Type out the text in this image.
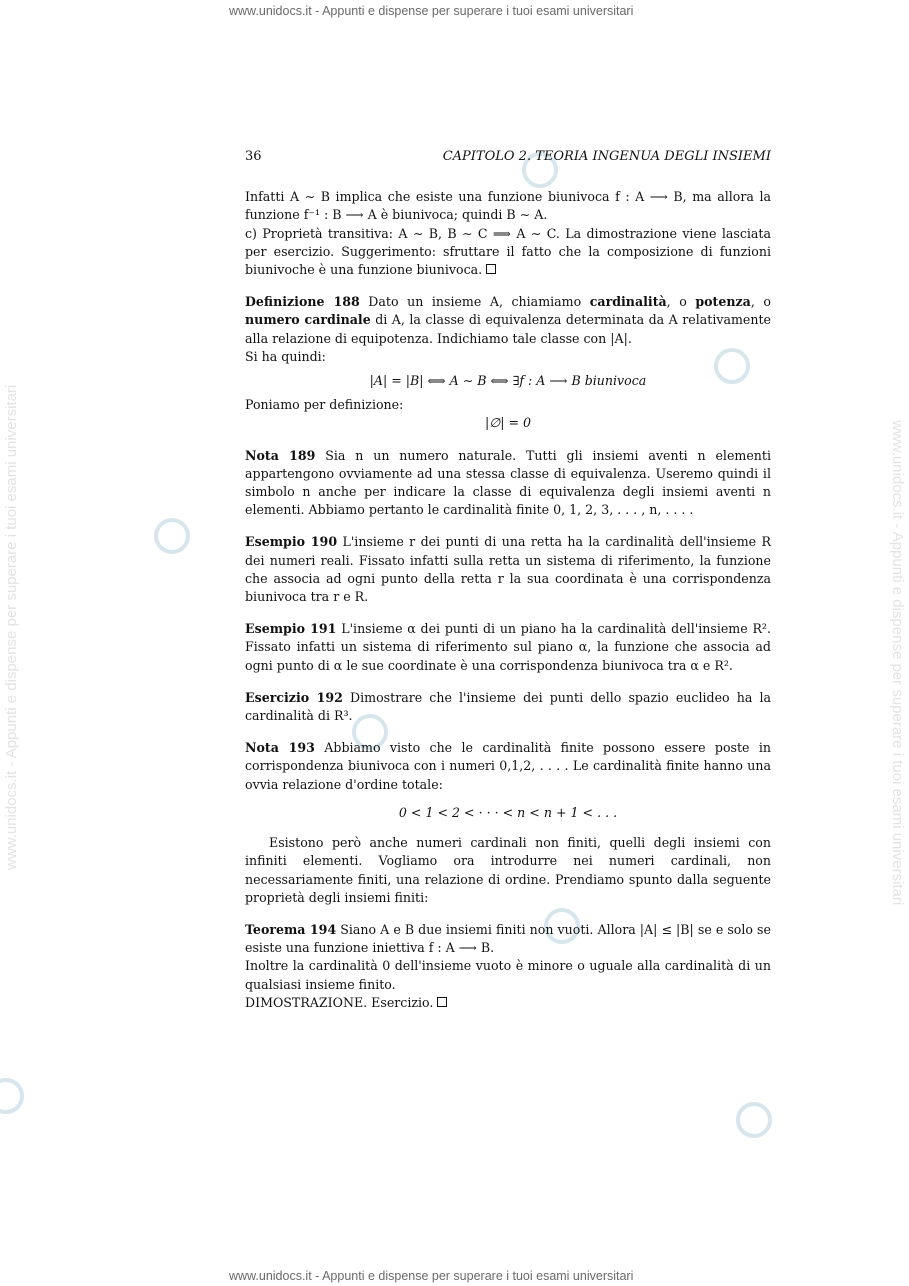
www.unidocs.it - Appunti e dispense per superare i tuoi esami universitari
www.unidocs.it - Appunti e dispense per superare i tuoi esami universitari
www.unidocs.it - Appunti e dispense per superare i tuoi esami universitari	www.unidocs.it - Appunti e dispense per superare i tuoi esami universitari
36	CAPITOLO 2. TEORIA INGENUA DEGLI INSIEMI

Infatti A ∼ B implica che esiste una funzione biunivoca f : A ⟶ B, ma allora la funzione f⁻¹ : B ⟶ A è biunivoca; quindi B ∼ A.

c) Proprietà transitiva: A ∼ B, B ∼ C ⟹ A ∼ C. La dimostrazione viene lasciata per esercizio. Suggerimento: sfruttare il fatto che la composizione di funzioni biunivoche è una funzione biunivoca.

Definizione 188 Dato un insieme A, chiamiamo cardinalità, o potenza, o numero cardinale di A, la classe di equivalenza determinata da A relativamente alla relazione di equipotenza. Indichiamo tale classe con |A|.

Si ha quindi:

|A| = |B| ⟺ A ∼ B ⟺ ∃f : A ⟶ B biunivoca

Poniamo per definizione:

|∅| = 0

Nota 189 Sia n un numero naturale. Tutti gli insiemi aventi n elementi appartengono ovviamente ad una stessa classe di equivalenza. Useremo quindi il simbolo n anche per indicare la classe di equivalenza degli insiemi aventi n elementi. Abbiamo pertanto le cardinalità finite 0, 1, 2, 3, . . . , n, . . . .

Esempio 190 L'insieme r dei punti di una retta ha la cardinalità dell'insieme R dei numeri reali. Fissato infatti sulla retta un sistema di riferimento, la funzione che associa ad ogni punto della retta r la sua coordinata è una corrispondenza biunivoca tra r e R.

Esempio 191 L'insieme α dei punti di un piano ha la cardinalità dell'insieme R². Fissato infatti un sistema di riferimento sul piano α, la funzione che associa ad ogni punto di α le sue coordinate è una corrispondenza biunivoca tra α e R².

Esercizio 192 Dimostrare che l'insieme dei punti dello spazio euclideo ha la cardinalità di R³.

Nota 193 Abbiamo visto che le cardinalità finite possono essere poste in corrispondenza biunivoca con i numeri 0,1,2, . . . . Le cardinalità finite hanno una ovvia relazione d'ordine totale:

0 < 1 < 2 < · · · < n < n + 1 < . . .

Esistono però anche numeri cardinali non finiti, quelli degli insiemi con infiniti elementi. Vogliamo ora introdurre nei numeri cardinali, non necessariamente finiti, una relazione di ordine. Prendiamo spunto dalla seguente proprietà degli insiemi finiti:

Teorema 194 Siano A e B due insiemi finiti non vuoti. Allora |A| ≤ |B| se e solo se esiste una funzione iniettiva f : A ⟶ B.

Inoltre la cardinalità 0 dell'insieme vuoto è minore o uguale alla cardinalità di un qualsiasi insieme finito.

DIMOSTRAZIONE. Esercizio.
